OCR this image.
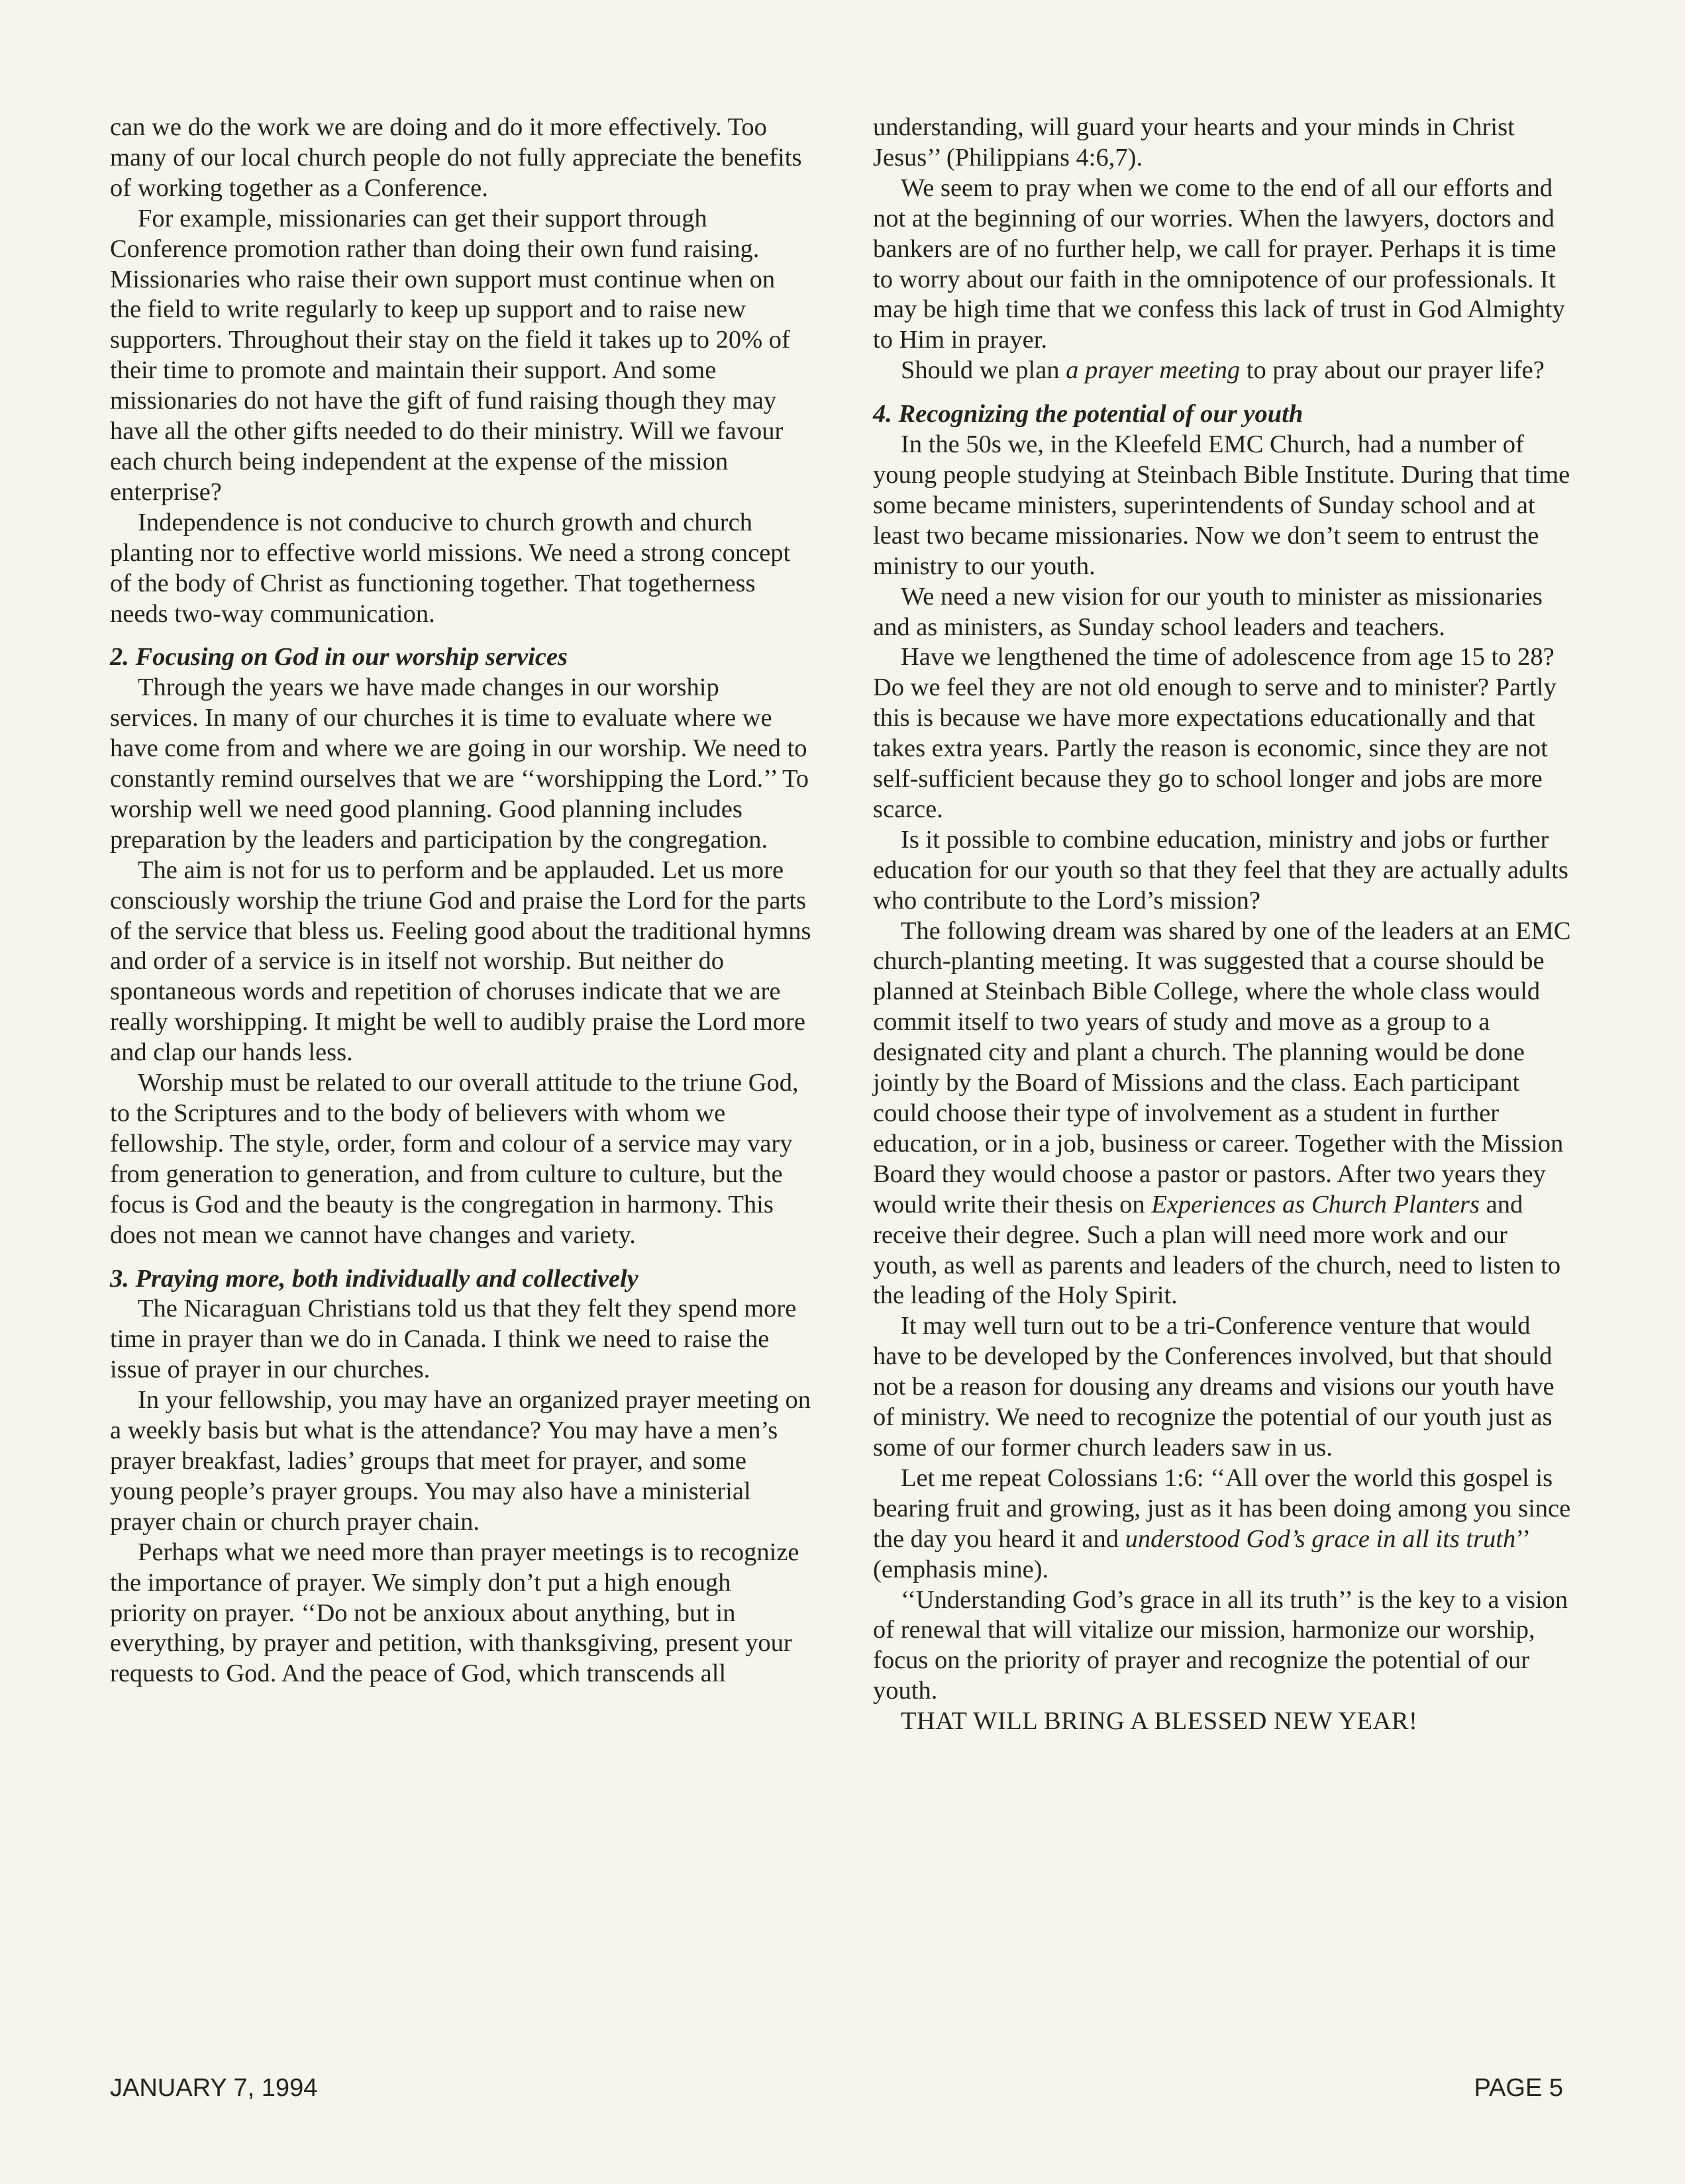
can we do the work we are doing and do it more effectively. Too many of our local church people do not fully appreciate the benefits of working together as a Conference.

For example, missionaries can get their support through Conference promotion rather than doing their own fund raising. Missionaries who raise their own support must continue when on the field to write regularly to keep up support and to raise new supporters. Throughout their stay on the field it takes up to 20% of their time to promote and maintain their support. And some missionaries do not have the gift of fund raising though they may have all the other gifts needed to do their ministry. Will we favour each church being independent at the expense of the mission enterprise?

Independence is not conducive to church growth and church planting nor to effective world missions. We need a strong concept of the body of Christ as functioning together. That togetherness needs two-way communication.

2. Focusing on God in our worship services

Through the years we have made changes in our worship services. In many of our churches it is time to evaluate where we have come from and where we are going in our worship. We need to constantly remind ourselves that we are ‘‘worshipping the Lord.’’ To worship well we need good planning. Good planning includes preparation by the leaders and participation by the congregation.

The aim is not for us to perform and be applauded. Let us more consciously worship the triune God and praise the Lord for the parts of the service that bless us. Feeling good about the traditional hymns and order of a service is in itself not worship. But neither do spontaneous words and repetition of choruses indicate that we are really worshipping. It might be well to audibly praise the Lord more and clap our hands less.

Worship must be related to our overall attitude to the triune God, to the Scriptures and to the body of believers with whom we fellowship. The style, order, form and colour of a service may vary from generation to generation, and from culture to culture, but the focus is God and the beauty is the congregation in harmony. This does not mean we cannot have changes and variety.

3. Praying more, both individually and collectively

The Nicaraguan Christians told us that they felt they spend more time in prayer than we do in Canada. I think we need to raise the issue of prayer in our churches.

In your fellowship, you may have an organized prayer meeting on a weekly basis but what is the attendance? You may have a men’s prayer breakfast, ladies’ groups that meet for prayer, and some young people’s prayer groups. You may also have a ministerial prayer chain or church prayer chain.

Perhaps what we need more than prayer meetings is to recognize the importance of prayer. We simply don’t put a high enough priority on prayer. ‘‘Do not be anxioux about anything, but in everything, by prayer and petition, with thanksgiving, present your requests to God. And the peace of God, which transcends all

understanding, will guard your hearts and your minds in Christ Jesus’’ (Philippians 4:6,7).

We seem to pray when we come to the end of all our efforts and not at the beginning of our worries. When the lawyers, doctors and bankers are of no further help, we call for prayer. Perhaps it is time to worry about our faith in the omnipotence of our professionals. It may be high time that we confess this lack of trust in God Almighty to Him in prayer.

Should we plan a prayer meeting to pray about our prayer life?

4. Recognizing the potential of our youth

In the 50s we, in the Kleefeld EMC Church, had a number of young people studying at Steinbach Bible Institute. During that time some became ministers, superintendents of Sunday school and at least two became missionaries. Now we don’t seem to entrust the ministry to our youth.

We need a new vision for our youth to minister as missionaries and as ministers, as Sunday school leaders and teachers.

Have we lengthened the time of adolescence from age 15 to 28? Do we feel they are not old enough to serve and to minister? Partly this is because we have more expectations educationally and that takes extra years. Partly the reason is economic, since they are not self-sufficient because they go to school longer and jobs are more scarce.

Is it possible to combine education, ministry and jobs or further education for our youth so that they feel that they are actually adults who contribute to the Lord’s mission?

The following dream was shared by one of the leaders at an EMC church-planting meeting. It was suggested that a course should be planned at Steinbach Bible College, where the whole class would commit itself to two years of study and move as a group to a designated city and plant a church. The planning would be done jointly by the Board of Missions and the class. Each participant could choose their type of involvement as a student in further education, or in a job, business or career. Together with the Mission Board they would choose a pastor or pastors. After two years they would write their thesis on Experiences as Church Planters and receive their degree. Such a plan will need more work and our youth, as well as parents and leaders of the church, need to listen to the leading of the Holy Spirit.

It may well turn out to be a tri-Conference venture that would have to be developed by the Conferences involved, but that should not be a reason for dousing any dreams and visions our youth have of ministry. We need to recognize the potential of our youth just as some of our former church leaders saw in us.

Let me repeat Colossians 1:6: ‘‘All over the world this gospel is bearing fruit and growing, just as it has been doing among you since the day you heard it and understood God’s grace in all its truth’’ (emphasis mine).

‘‘Understanding God’s grace in all its truth’’ is the key to a vision of renewal that will vitalize our mission, harmonize our worship, focus on the priority of prayer and recognize the potential of our youth.

THAT WILL BRING A BLESSED NEW YEAR!

JANUARY 7, 1994	PAGE 5
